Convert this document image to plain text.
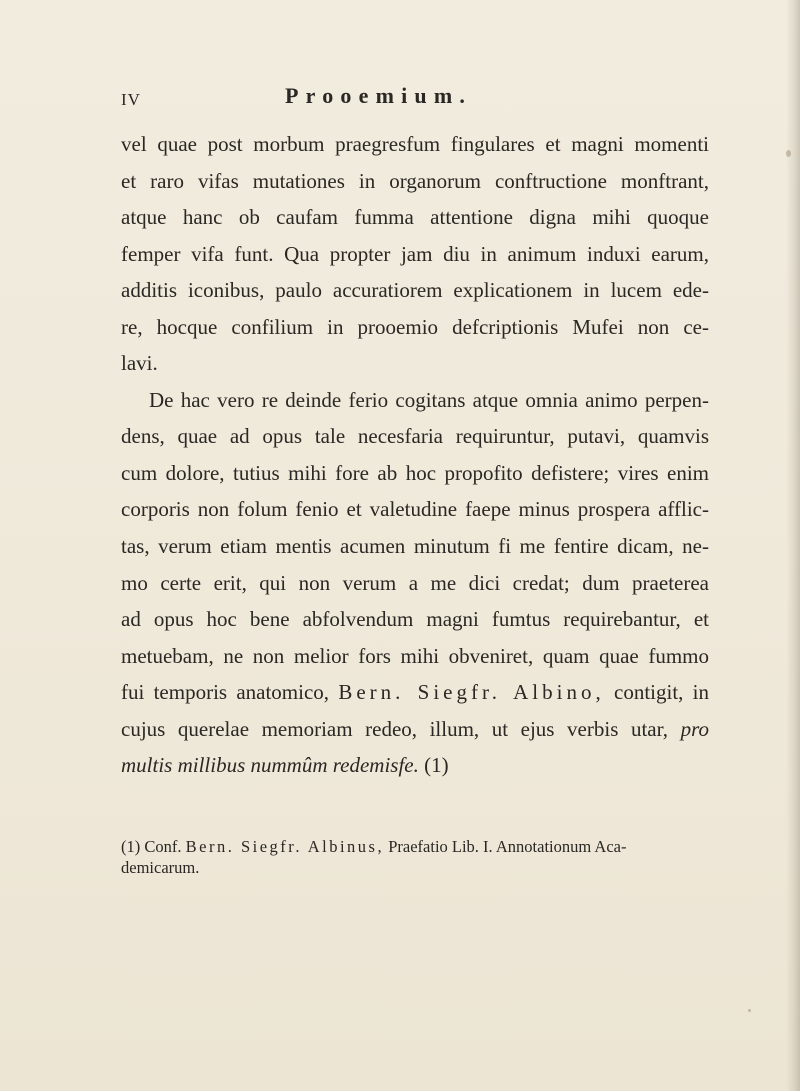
IV	Prooemium.
vel quae post morbum praegresfum fingulares et magni momenti
et raro vifas mutationes in organorum conftructione monftrant,
atque hanc ob caufam fumma attentione digna mihi quoque
femper vifa funt. Qua propter jam diu in animum induxi earum,
additis iconibus, paulo accuratiorem explicationem in lucem ede-
re, hocque confilium in prooemio defcriptionis Mufei non ce-
lavi.
De hac vero re deinde ferio cogitans atque omnia animo perpen-
dens, quae ad opus tale necesfaria requiruntur, putavi, quamvis
cum dolore, tutius mihi fore ab hoc propofito defistere; vires enim
corporis non folum fenio et valetudine faepe minus prospera afflic-
tas, verum etiam mentis acumen minutum fi me fentire dicam, ne-
mo certe erit, qui non verum a me dici credat; dum praeterea
ad opus hoc bene abfolvendum magni fumtus requirebantur, et
metuebam, ne non melior fors mihi obveniret, quam quae fummo
fui temporis anatomico, Bern. Siegfr. Albino, contigit, in
cujus querelae memoriam redeo, illum, ut ejus verbis utar, pro
multis millibus nummûm redemisfe. (1)
(1) Conf. Bern. Siegfr. Albinus, Praefatio Lib. I. Annotationum Aca-
demicarum.
